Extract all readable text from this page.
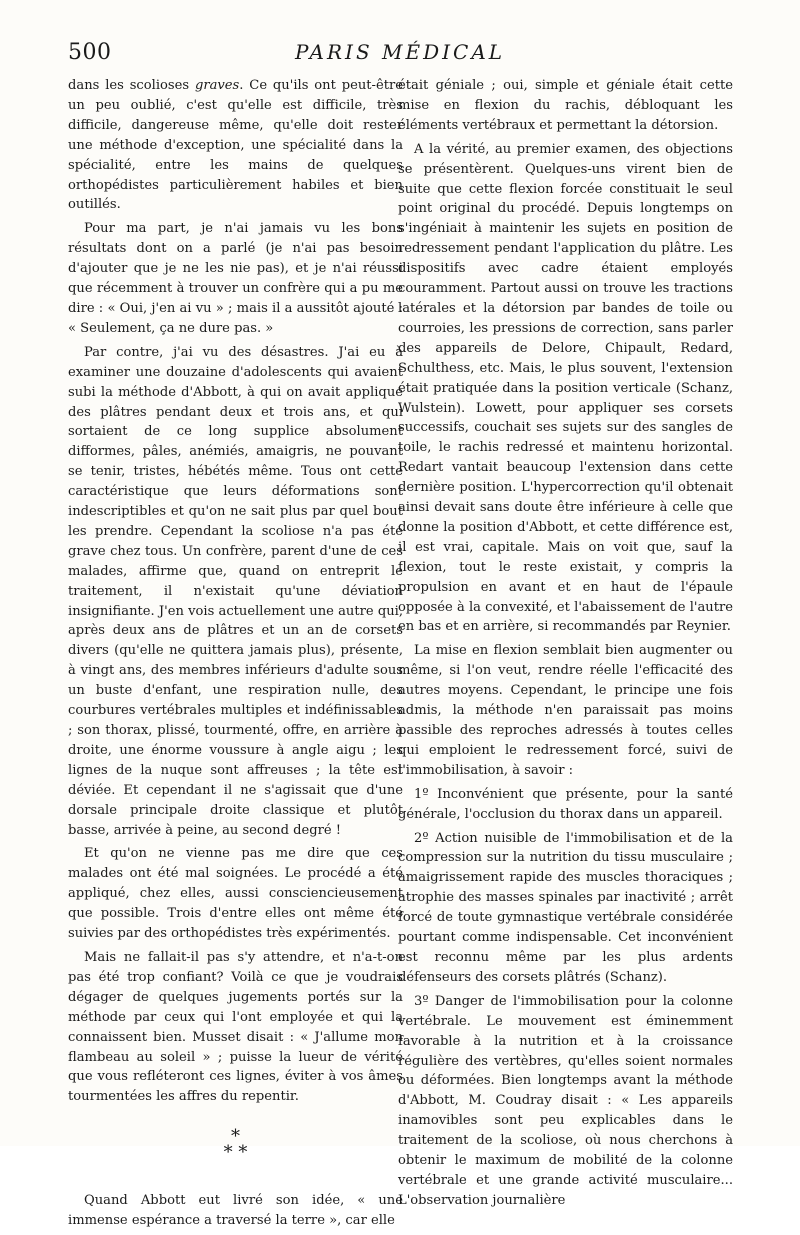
500	PARIS MÉDICAL

dans les scolioses graves. Ce qu'ils ont peut-être un peu oublié, c'est qu'elle est difficile, très difficile, dangereuse même, qu'elle doit rester une méthode d'exception, une spécialité dans la spécialité, entre les mains de quelques orthopédistes particulièrement habiles et bien outillés.

Pour ma part, je n'ai jamais vu les bons résultats dont on a parlé (je n'ai pas besoin d'ajouter que je ne les nie pas), et je n'ai réussi que récemment à trouver un confrère qui a pu me dire : « Oui, j'en ai vu » ; mais il a aussitôt ajouté : « Seulement, ça ne dure pas. »

Par contre, j'ai vu des désastres. J'ai eu à examiner une douzaine d'adolescents qui avaient subi la méthode d'Abbott, à qui on avait appliqué des plâtres pendant deux et trois ans, et qui sortaient de ce long supplice absolument difformes, pâles, anémiés, amaigris, ne pouvant se tenir, tristes, hébétés même. Tous ont cette caractéristique que leurs déformations sont indescriptibles et qu'on ne sait plus par quel bout les prendre. Cependant la scoliose n'a pas été grave chez tous. Un confrère, parent d'une de ces malades, affirme que, quand on entreprit le traitement, il n'existait qu'une déviation insignifiante. J'en vois actuellement une autre qui, après deux ans de plâtres et un an de corsets divers (qu'elle ne quittera jamais plus), présente, à vingt ans, des membres inférieurs d'adulte sous un buste d'enfant, une respiration nulle, des courbures vertébrales multiples et indéfinissables ; son thorax, plissé, tourmenté, offre, en arrière à droite, une énorme voussure à angle aigu ; les lignes de la nuque sont affreuses ; la tête est déviée. Et cependant il ne s'agissait que d'une dorsale principale droite classique et plutôt basse, arrivée à peine, au second degré !

Et qu'on ne vienne pas me dire que ces malades ont été mal soignées. Le procédé a été appliqué, chez elles, aussi consciencieusement que possible. Trois d'entre elles ont même été suivies par des orthopédistes très expérimentés.

Mais ne fallait-il pas s'y attendre, et n'a-t-on pas été trop confiant? Voilà ce que je voudrais dégager de quelques jugements portés sur la méthode par ceux qui l'ont employée et qui la connaissent bien. Musset disait : « J'allume mon flambeau au soleil » ; puisse la lueur de vérité que vous refléteront ces lignes, éviter à vos âmes tourmentées les affres du repentir.

*
* *

Quand Abbott eut livré son idée, « une immense espérance a traversé la terre », car elle

était géniale ; oui, simple et géniale était cette mise en flexion du rachis, débloquant les éléments vertébraux et permettant la détorsion.

A la vérité, au premier examen, des objections se présentèrent. Quelques-uns virent bien de suite que cette flexion forcée constituait le seul point original du procédé. Depuis longtemps on s'ingéniait à maintenir les sujets en position de redressement pendant l'application du plâtre. Les dispositifs avec cadre étaient employés couramment. Partout aussi on trouve les tractions latérales et la détorsion par bandes de toile ou courroies, les pressions de correction, sans parler des appareils de Delore, Chipault, Redard, Schulthess, etc. Mais, le plus souvent, l'extension était pratiquée dans la position verticale (Schanz, Wulstein). Lowett, pour appliquer ses corsets successifs, couchait ses sujets sur des sangles de toile, le rachis redressé et maintenu horizontal. Redart vantait beaucoup l'extension dans cette dernière position. L'hypercorrection qu'il obtenait ainsi devait sans doute être inférieure à celle que donne la position d'Abbott, et cette différence est, il est vrai, capitale. Mais on voit que, sauf la flexion, tout le reste existait, y compris la propulsion en avant et en haut de l'épaule opposée à la convexité, et l'abaissement de l'autre en bas et en arrière, si recommandés par Reynier.

La mise en flexion semblait bien augmenter ou même, si l'on veut, rendre réelle l'efficacité des autres moyens. Cependant, le principe une fois admis, la méthode n'en paraissait pas moins passible des reproches adressés à toutes celles qui emploient le redressement forcé, suivi de l'immobilisation, à savoir :

1º Inconvénient que présente, pour la santé générale, l'occlusion du thorax dans un appareil.

2º Action nuisible de l'immobilisation et de la compression sur la nutrition du tissu musculaire ; amaigrissement rapide des muscles thoraciques ; atrophie des masses spinales par inactivité ; arrêt forcé de toute gymnastique vertébrale considérée pourtant comme indispensable. Cet inconvénient est reconnu même par les plus ardents défenseurs des corsets plâtrés (Schanz).

3º Danger de l'immobilisation pour la colonne vertébrale. Le mouvement est éminemment favorable à la nutrition et à la croissance régulière des vertèbres, qu'elles soient normales ou déformées. Bien longtemps avant la méthode d'Abbott, M. Coudray disait : « Les appareils inamovibles sont peu explicables dans le traitement de la scoliose, où nous cherchons à obtenir le maximum de mobilité de la colonne vertébrale et une grande activité musculaire... L'observation journalière
